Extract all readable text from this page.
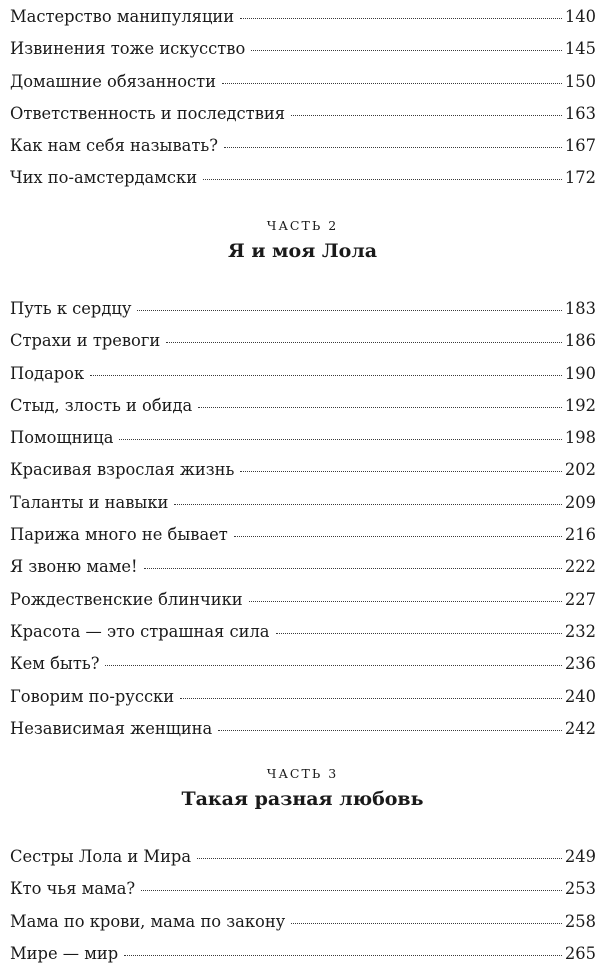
Мастерство манипуляции	140
Извинения тоже искусство	145
Домашние обязанности	150
Ответственность и последствия	163
Как нам себя называть?	167
Чих по-амстердамски	172
ЧАСТЬ 2
Я и моя Лола
Путь к сердцу	183
Страхи и тревоги	186
Подарок	190
Стыд, злость и обида	192
Помощница	198
Красивая взрослая жизнь	202
Таланты и навыки	209
Парижа много не бывает	216
Я звоню маме!	222
Рождественские блинчики	227
Красота — это страшная сила	232
Кем быть?	236
Говорим по-русски	240
Независимая женщина	242
ЧАСТЬ 3
Такая разная любовь
Сестры Лола и Мира	249
Кто чья мама?	253
Мама по крови, мама по закону	258
Мире — мир	265
